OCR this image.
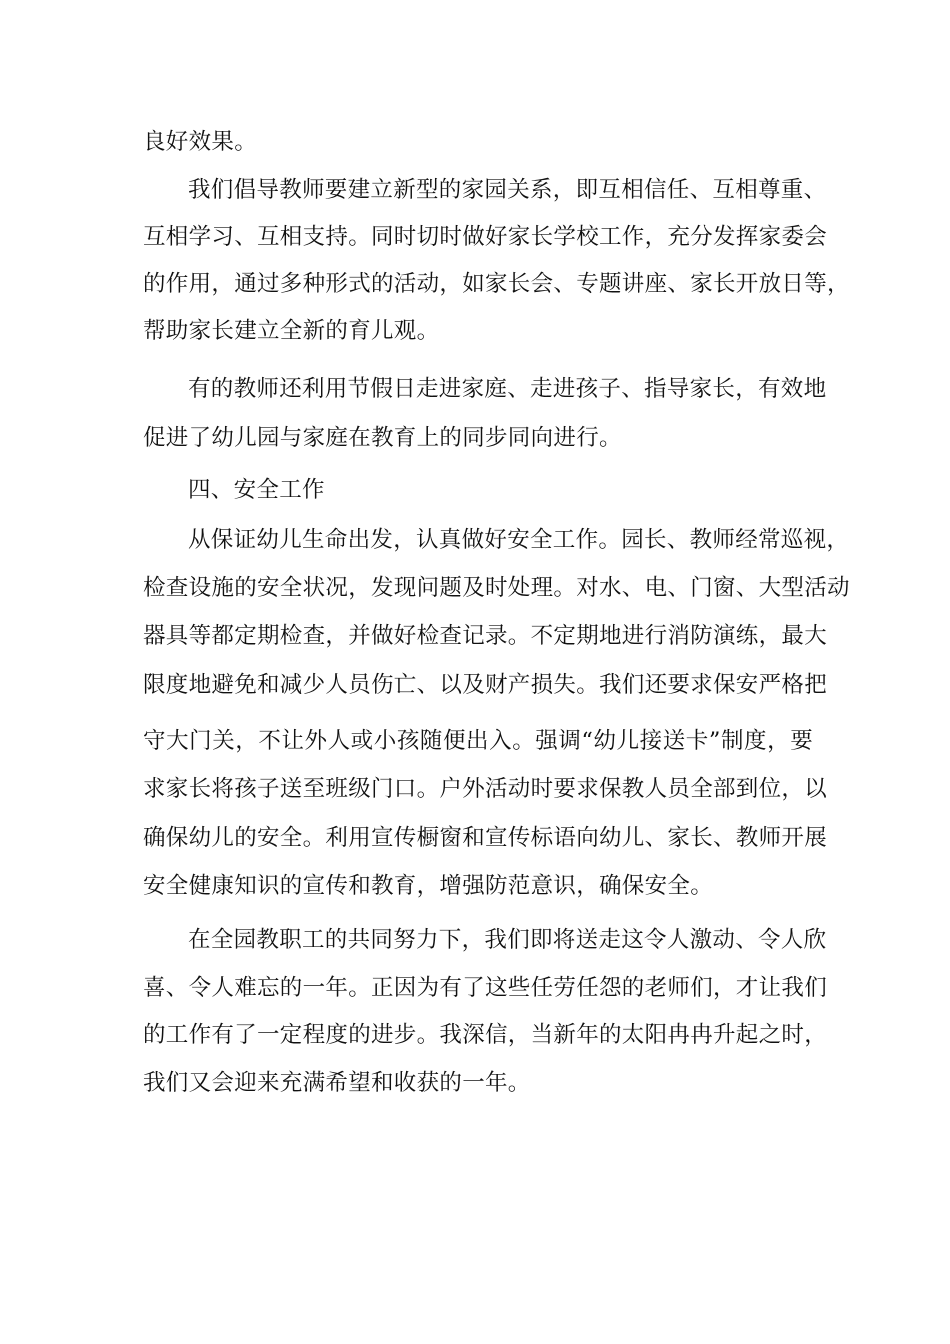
良好效果。
我们倡导教师要建立新型的家园关系，即互相信任、互相尊重、
互相学习、互相支持。同时切时做好家长学校工作，充分发挥家委会
的作用，通过多种形式的活动，如家长会、专题讲座、家长开放日等，
帮助家长建立全新的育儿观。
有的教师还利用节假日走进家庭、走进孩子、指导家长，有效地
促进了幼儿园与家庭在教育上的同步同向进行。
四、安全工作
从保证幼儿生命出发，认真做好安全工作。园长、教师经常巡视，
检查设施的安全状况，发现问题及时处理。对水、电、门窗、大型活动
器具等都定期检查，并做好检查记录。不定期地进行消防演练，最大
限度地避免和减少人员伤亡、以及财产损失。我们还要求保安严格把
守大门关，不让外人或小孩随便出入。强调“幼儿接送卡”制度，要
求家长将孩子送至班级门口。户外活动时要求保教人员全部到位，以
确保幼儿的安全。利用宣传橱窗和宣传标语向幼儿、家长、教师开展
安全健康知识的宣传和教育，增强防范意识，确保安全。
在全园教职工的共同努力下，我们即将送走这令人激动、令人欣
喜、令人难忘的一年。正因为有了这些任劳任怨的老师们，才让我们
的工作有了一定程度的进步。我深信，当新年的太阳冉冉升起之时，
我们又会迎来充满希望和收获的一年。
